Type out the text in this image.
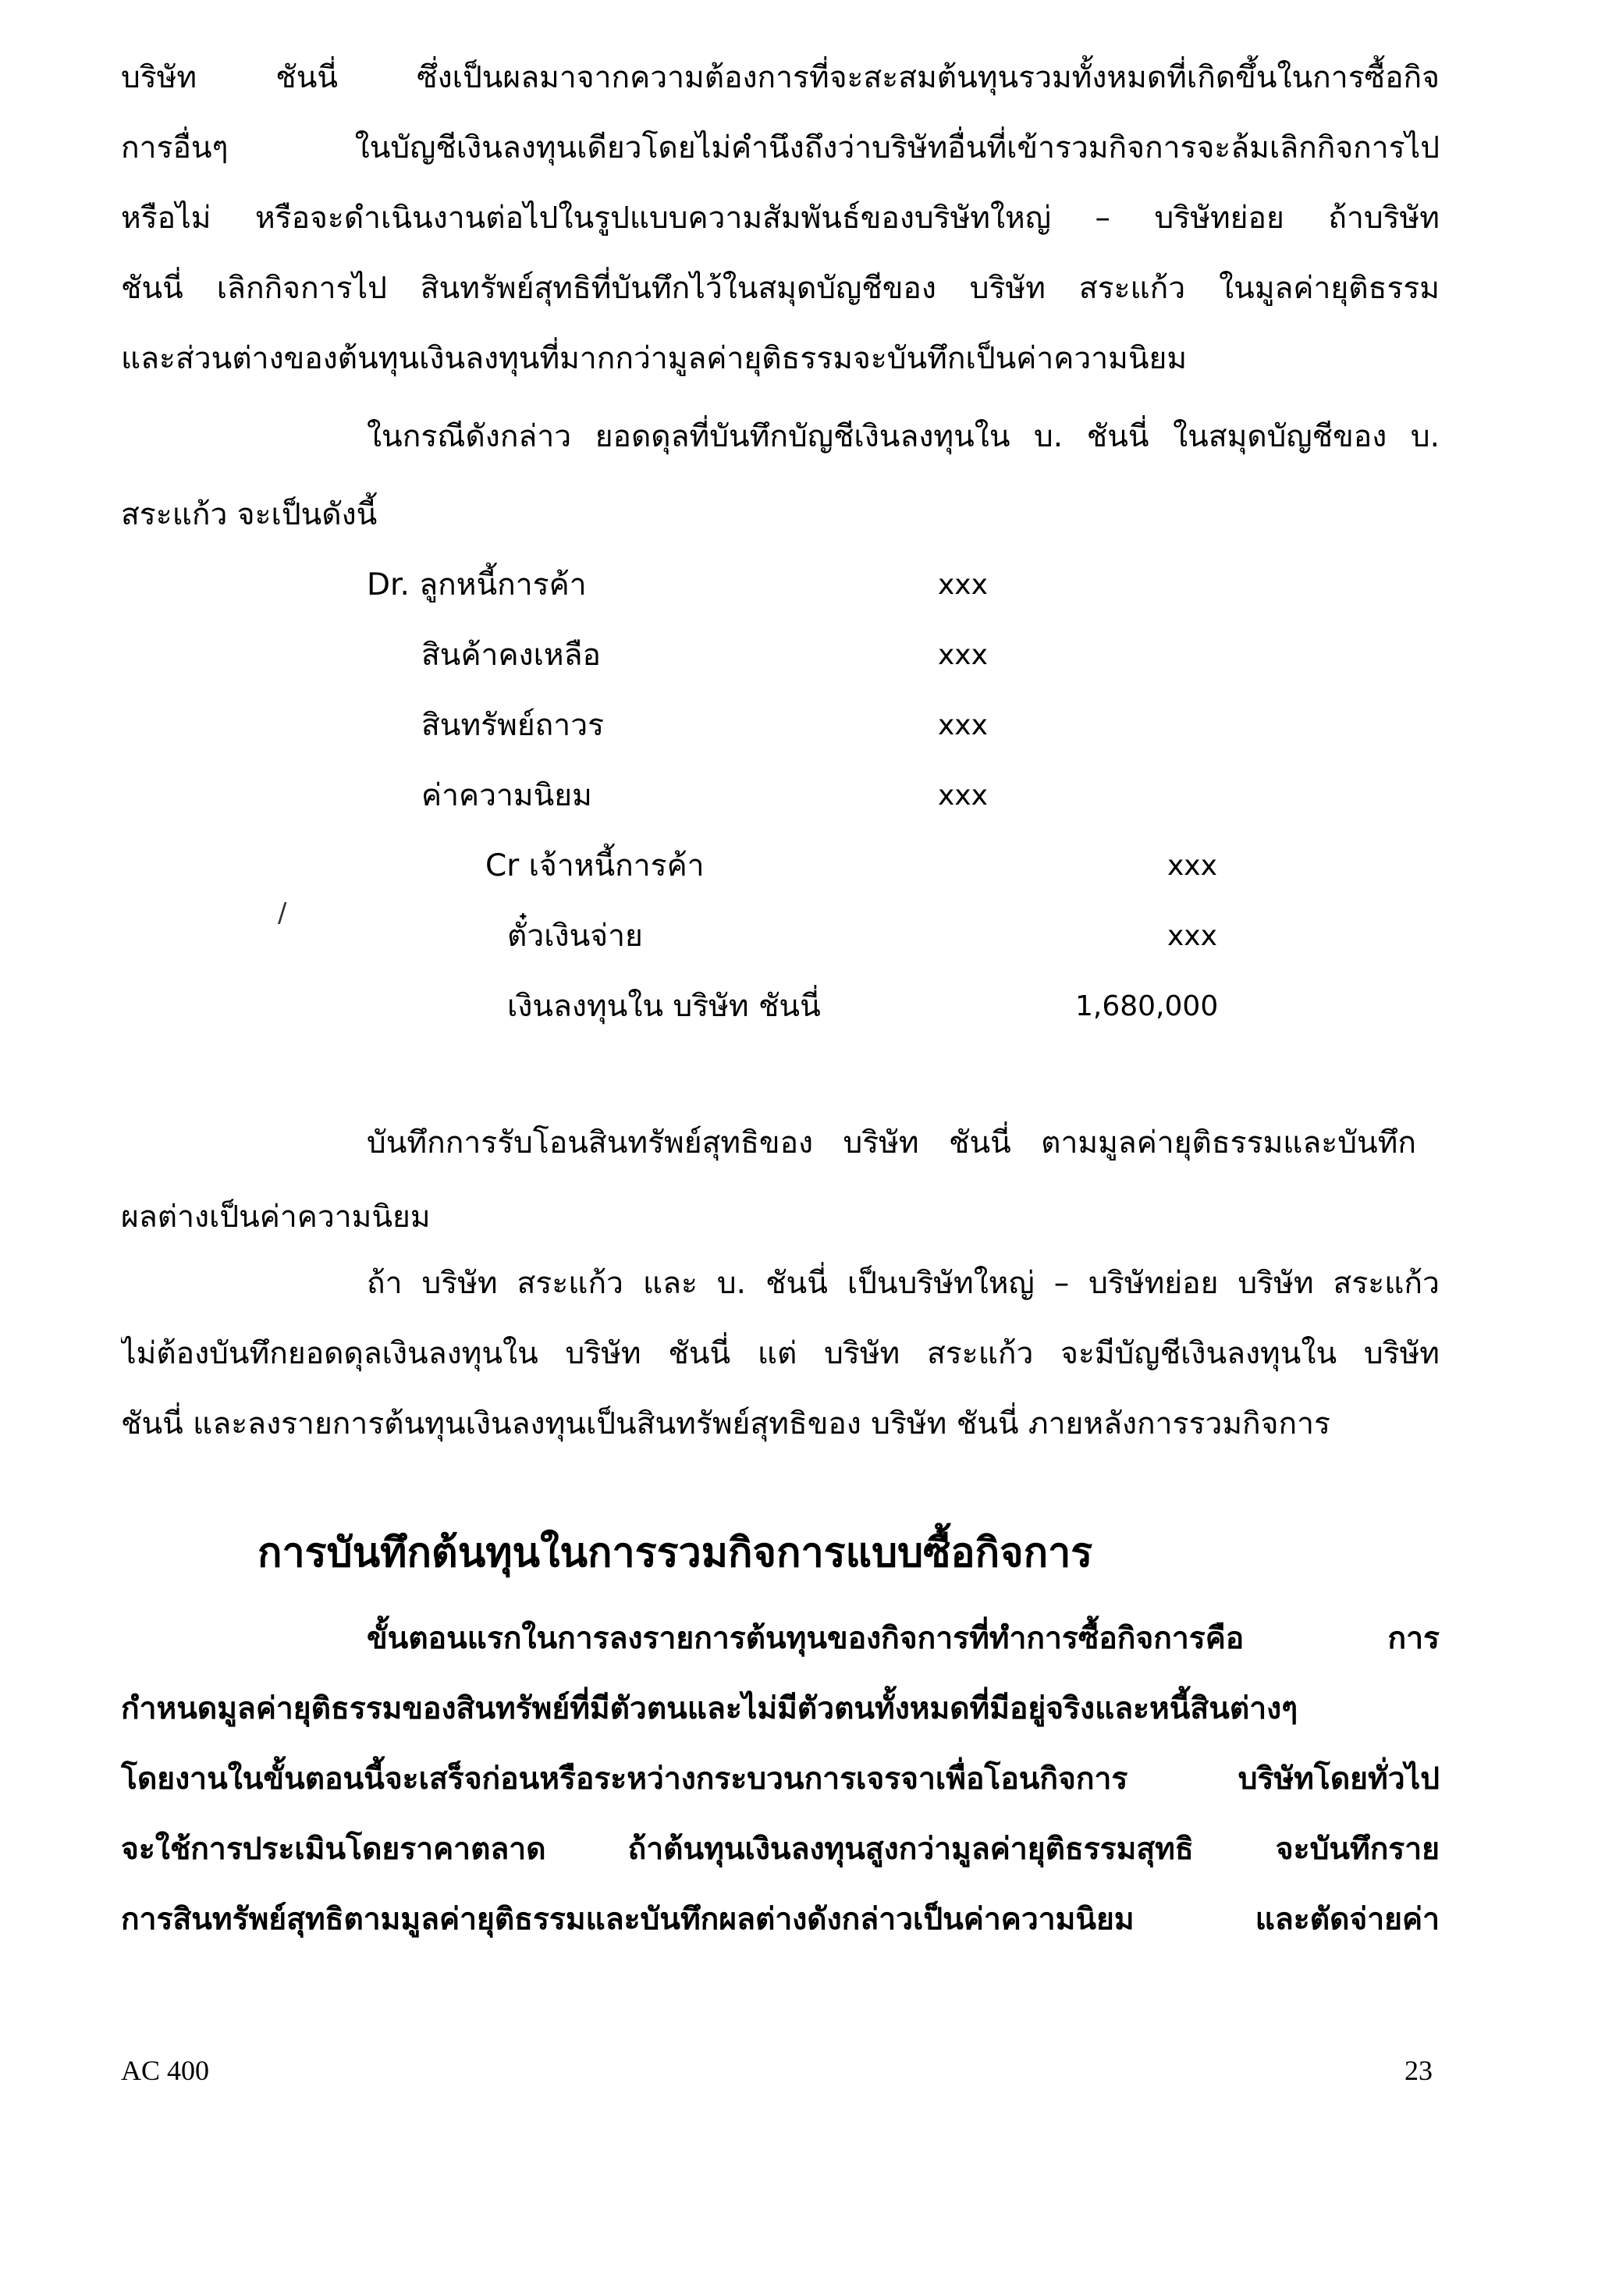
บริษัท	ชันนี่	ซึ่งเป็นผลมาจากความต้องการที่จะสะสมต้นทุนรวมทั้งหมดที่เกิดขึ้นในการซื้อกิจ
การอื่นๆ	ในบัญชีเงินลงทุนเดียวโดยไม่คำนึงถึงว่าบริษัทอื่นที่เข้ารวมกิจการจะล้มเลิกกิจการไป
หรือไม่ หรือจะดำเนินงานต่อไปในรูปแบบความสัมพันธ์ของบริษัทใหญ่ – บริษัทย่อย ถ้าบริษัท
ชันนี่ เลิกกิจการไป สินทรัพย์สุทธิที่บันทึกไว้ในสมุดบัญชีของ บริษัท สระแก้ว ในมูลค่ายุติธรรม
และส่วนต่างของต้นทุนเงินลงทุนที่มากกว่ามูลค่ายุติธรรมจะบันทึกเป็นค่าความนิยม
ในกรณีดังกล่าว ยอดดุลที่บันทึกบัญชีเงินลงทุนใน บ. ชันนี่ ในสมุดบัญชีของ บ.
สระแก้ว จะเป็นดังนี้
Dr. ลูกหนี้การค้า	xxx
สินค้าคงเหลือ	xxx
สินทรัพย์ถาวร	xxx
ค่าความนิยม	xxx
Cr เจ้าหนี้การค้า	xxx
ตั๋วเงินจ่าย	xxx
เงินลงทุนใน บริษัท ชันนี่	1,680,000
/
บันทึกการรับโอนสินทรัพย์สุทธิของ บริษัท ชันนี่ ตามมูลค่ายุติธรรมและบันทึก
ผลต่างเป็นค่าความนิยม
ถ้า บริษัท สระแก้ว และ บ. ชันนี่ เป็นบริษัทใหญ่ – บริษัทย่อย บริษัท สระแก้ว
ไม่ต้องบันทึกยอดดุลเงินลงทุนใน บริษัท ชันนี่ แต่ บริษัท สระแก้ว จะมีบัญชีเงินลงทุนใน บริษัท
ชันนี่ และลงรายการต้นทุนเงินลงทุนเป็นสินทรัพย์สุทธิของ บริษัท ชันนี่ ภายหลังการรวมกิจการ
การบันทึกต้นทุนในการรวมกิจการแบบซื้อกิจการ
ขั้นตอนแรกในการลงรายการต้นทุนของกิจการที่ทำการซื้อกิจการคือ	การ
กำหนดมูลค่ายุติธรรมของสินทรัพย์ที่มีตัวตนและไม่มีตัวตนทั้งหมดที่มีอยู่จริงและหนี้สินต่างๆ
โดยงานในขั้นตอนนี้จะเสร็จก่อนหรือระหว่างกระบวนการเจรจาเพื่อโอนกิจการ	บริษัทโดยทั่วไป
จะใช้การประเมินโดยราคาตลาด	ถ้าต้นทุนเงินลงทุนสูงกว่ามูลค่ายุติธรรมสุทธิ	จะบันทึกราย
การสินทรัพย์สุทธิตามมูลค่ายุติธรรมและบันทึกผลต่างดังกล่าวเป็นค่าความนิยม	และตัดจ่ายค่า
AC 400	23
